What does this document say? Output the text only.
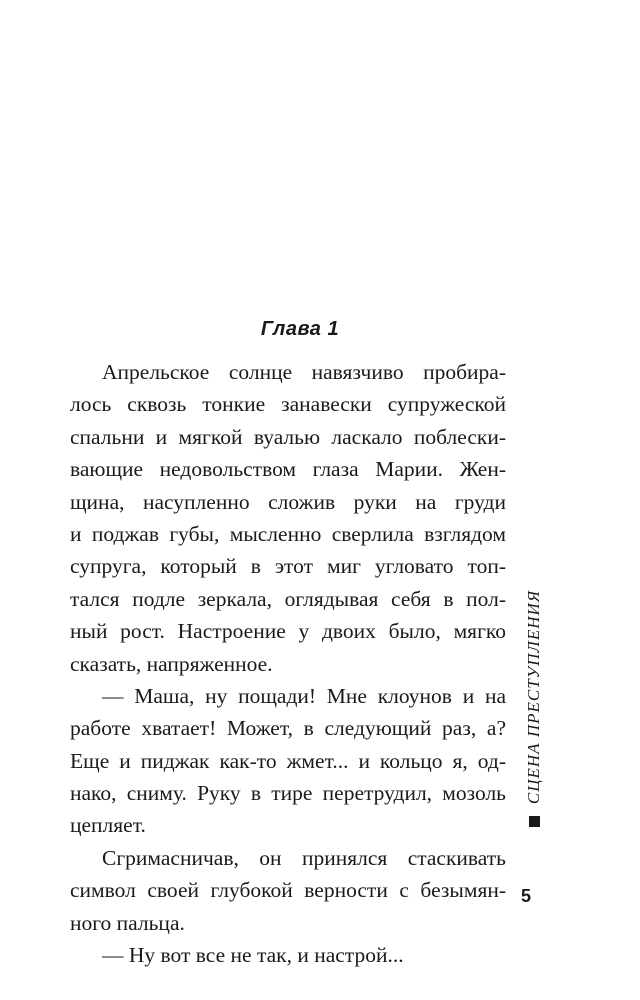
Глава 1
Апрельское солнце навязчиво пробира-
лось сквозь тонкие занавески супружеской
спальни и мягкой вуалью ласкало поблески-
вающие недовольством глаза Марии. Жен-
щина, насупленно сложив руки на груди
и поджав губы, мысленно сверлила взглядом
супруга, который в этот миг угловато топ-
тался подле зеркала, оглядывая себя в пол-
ный рост. Настроение у двоих было, мягко
сказать, напряженное.
— Маша, ну пощади! Мне клоунов и на
работе хватает! Может, в следующий раз, а?
Еще и пиджак как-то жмет... и кольцо я, од-
нако, сниму. Руку в тире перетрудил, мозоль
цепляет.
Сгримасничав, он принялся стаскивать
символ своей глубокой верности с безымян-
ного пальца.
— Ну вот все не так, и настрой...
СЦЕНА ПРЕСТУПЛЕНИЯ
5
